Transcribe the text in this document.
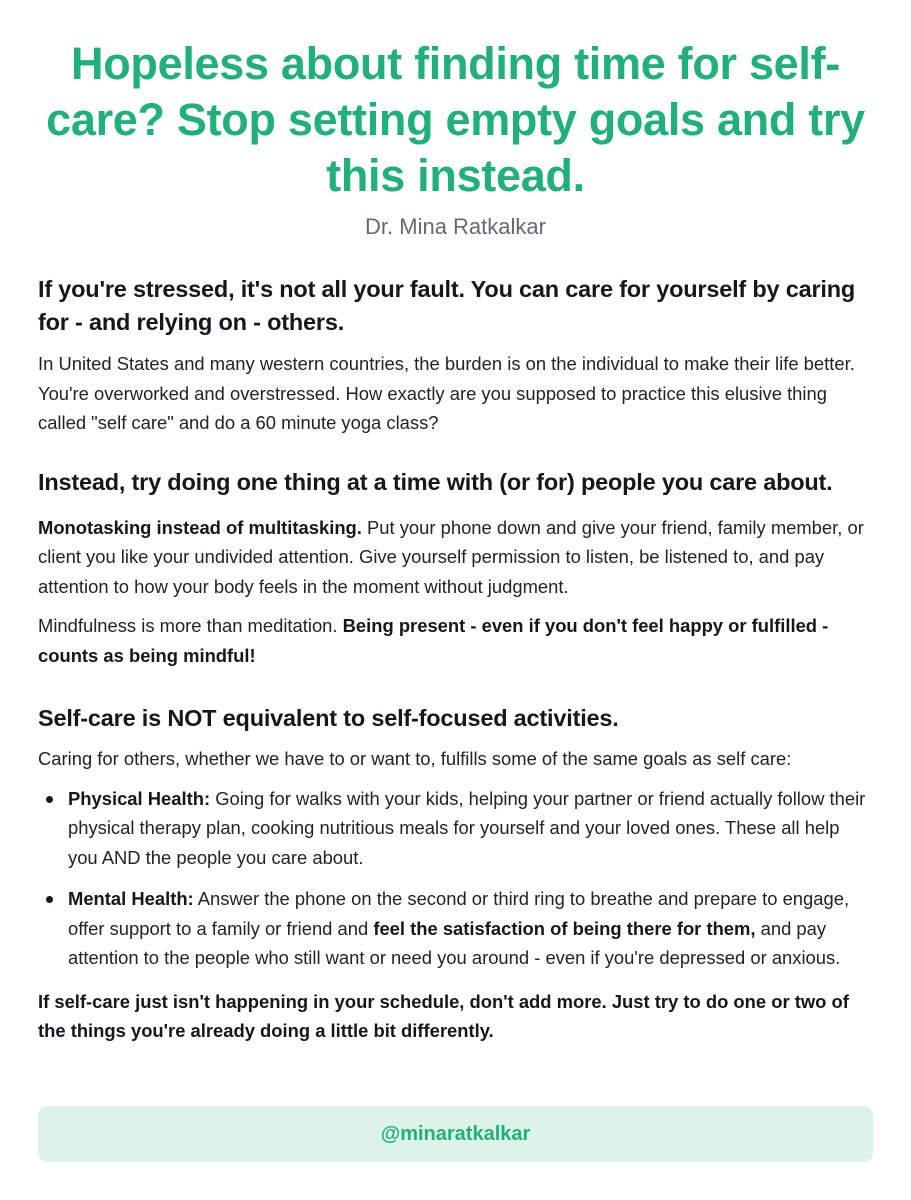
Hopeless about finding time for self-care? Stop setting empty goals and try this instead.
Dr. Mina Ratkalkar
If you're stressed, it's not all your fault. You can care for yourself by caring for - and relying on - others.

In United States and many western countries, the burden is on the individual to make their life better. You're overworked and overstressed. How exactly are you supposed to practice this elusive thing called "self care" and do a 60 minute yoga class?

Instead, try doing one thing at a time with (or for) people you care about.

Monotasking instead of multitasking. Put your phone down and give your friend, family member, or client you like your undivided attention. Give yourself permission to listen, be listened to, and pay attention to how your body feels in the moment without judgment.

Mindfulness is more than meditation. Being present - even if you don't feel happy or fulfilled - counts as being mindful!

Self-care is NOT equivalent to self-focused activities.

Caring for others, whether we have to or want to, fulfills some of the same goals as self care:

Physical Health: Going for walks with your kids, helping your partner or friend actually follow their physical therapy plan, cooking nutritious meals for yourself and your loved ones. These all help you AND the people you care about.
Mental Health: Answer the phone on the second or third ring to breathe and prepare to engage, offer support to a family or friend and feel the satisfaction of being there for them, and pay attention to the people who still want or need you around - even if you're depressed or anxious.

If self-care just isn't happening in your schedule, don't add more. Just try to do one or two of the things you're already doing a little bit differently.

@minaratkalkar
